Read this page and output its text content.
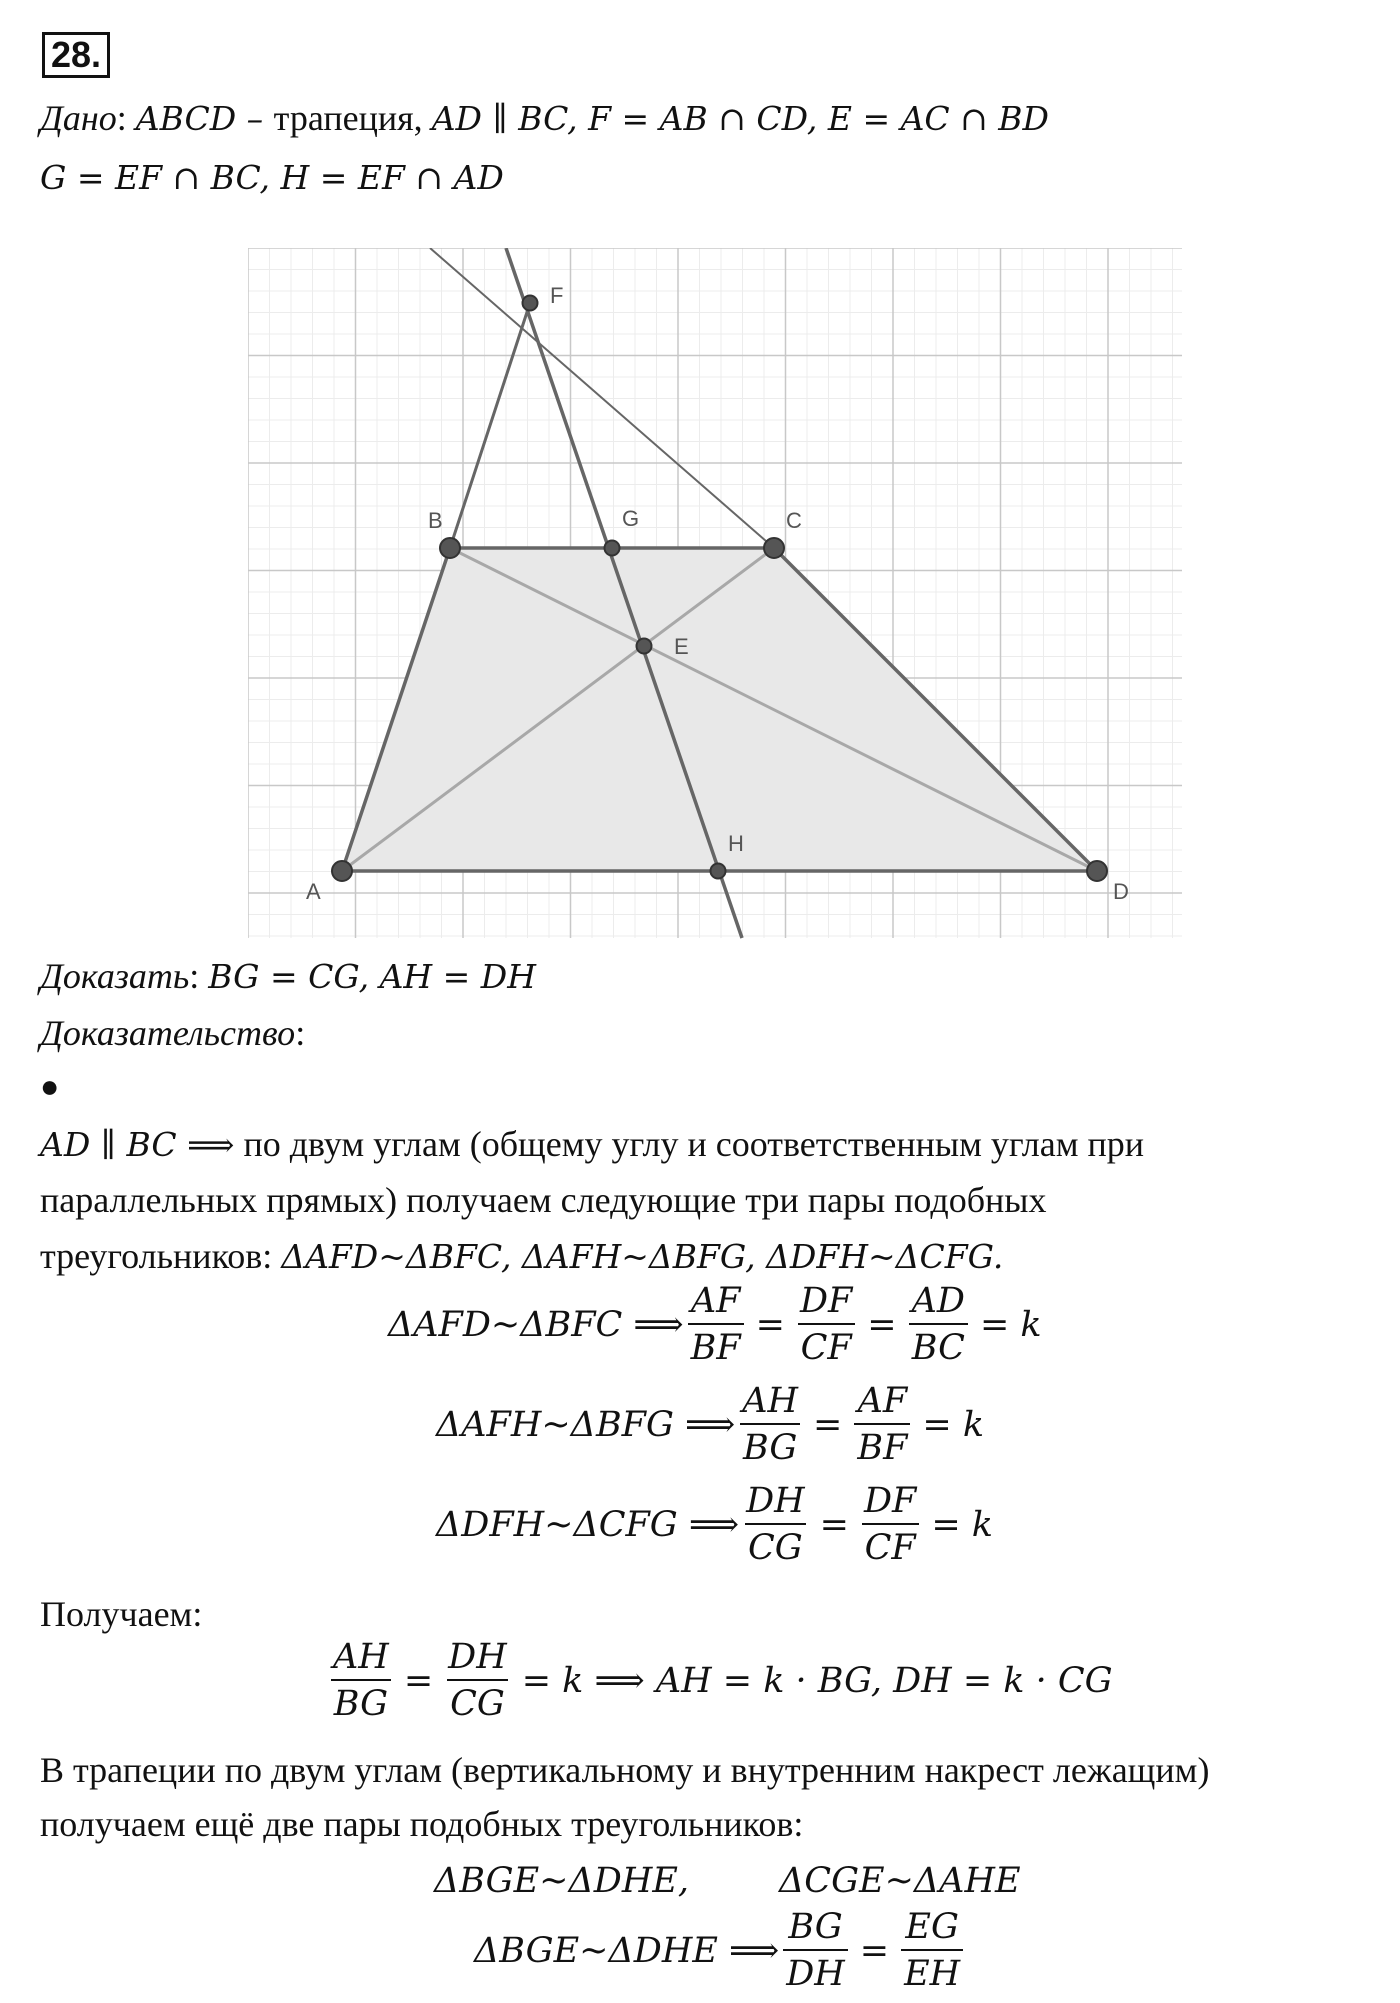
28.
Дано: ABCD – трапеция, AD ∥ BC, F = AB ∩ CD, E = AC ∩ BD
G = EF ∩ BC, H = EF ∩ AD
A
B	C
D
E
F
G
H
Доказать: BG = CG, AH = DH
Доказательство:
●
AD ∥ BC ⟹ по двум углам (общему углу и соответственным углам при
параллельных прямых) получаем следующие три пары подобных
треугольников: ΔAFD~ΔBFC, ΔAFH~ΔBFG, ΔDFH~ΔCFG.
ΔAFD~ΔBFC ⟹ $\frac{AF}{BF} = \frac{DF}{CF} = \frac{AD}{BC} = k$
ΔAFH~ΔBFG ⟹ $\frac{AH}{BG} = \frac{AF}{BF} = k$
ΔDFH~ΔCFG ⟹ $\frac{DH}{CG} = \frac{DF}{CF} = k$
Получаем:
$\frac{AH}{BG} = \frac{DH}{CG} = k$ ⟹ AH = k · BG, DH = k · CG
В трапеции по двум углам (вертикальному и внутренним накрест лежащим)
получаем ещё две пары подобных треугольников:
ΔBGE~ΔDHE,	ΔCGE~ΔAHE
ΔBGE~ΔDHE ⟹ $\frac{BG}{DH} = \frac{EG}{EH}$
